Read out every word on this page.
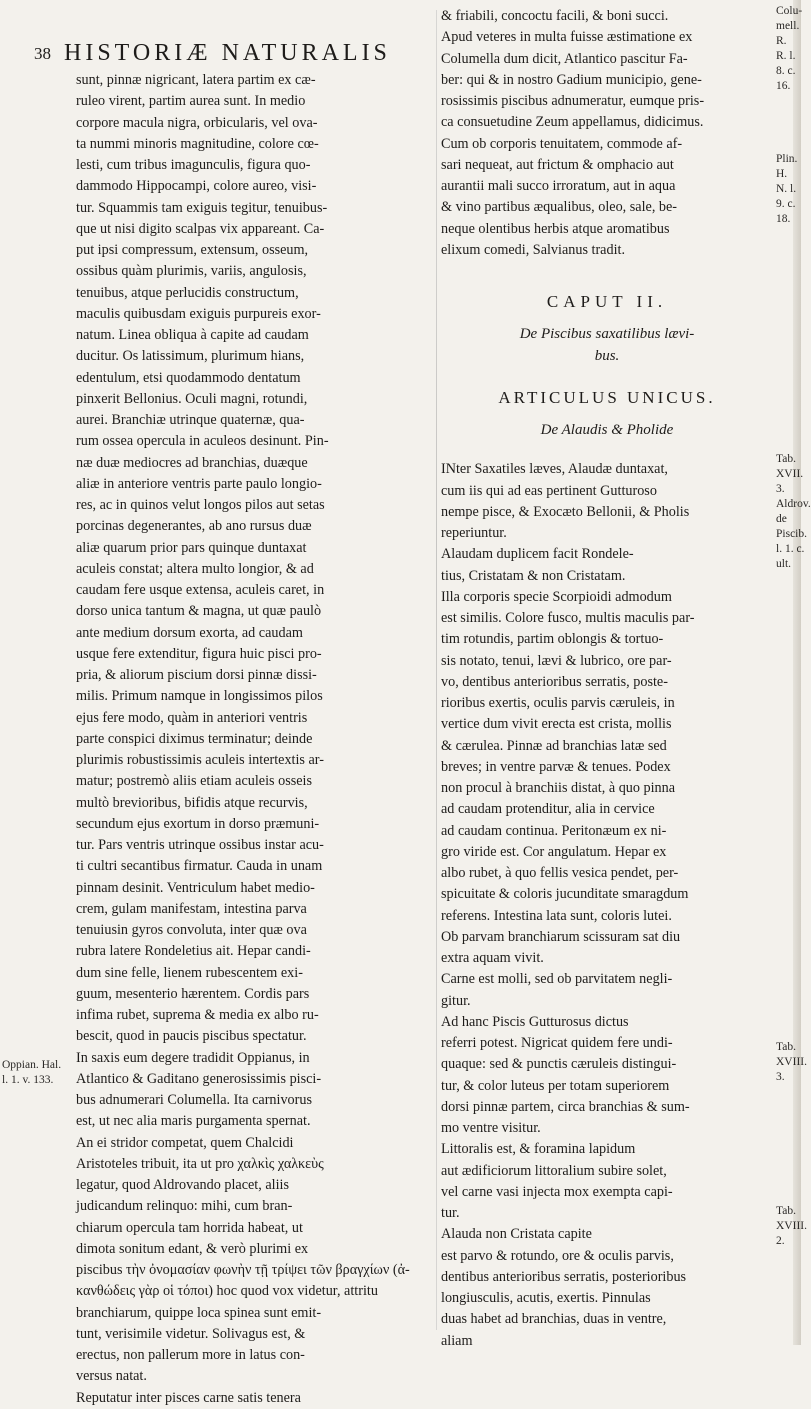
38 HISTORIÆ NATURALIS

sunt, pinnæ nigricant, latera partim ex cæ-

ruleo virent, partim aurea sunt. In medio

corpore macula nigra, orbicularis, vel ova-

ta nummi minoris magnitudine, colore cœ-

lesti, cum tribus imagunculis, figura quo-

dammodo Hippocampi, colore aureo, visi-

tur. Squammis tam exiguis tegitur, tenuibus-

que ut nisi digito scalpas vix appareant. Ca-

put ipsi compressum, extensum, osseum,

ossibus quàm plurimis, variis, angulosis,

tenuibus, atque perlucidis constructum,

maculis quibusdam exiguis purpureis exor-

natum. Linea obliqua à capite ad caudam

ducitur. Os latissimum, plurimum hians,

edentulum, etsi quodammodo dentatum

pinxerit Bellonius. Oculi magni, rotundi,

aurei. Branchiæ utrinque quaternæ, qua-

rum ossea opercula in aculeos desinunt. Pin-

næ duæ mediocres ad branchias, duæque

aliæ in anteriore ventris parte paulo longio-

res, ac in quinos velut longos pilos aut setas

porcinas degenerantes, ab ano rursus duæ

aliæ quarum prior pars quinque duntaxat

aculeis constat; altera multo longior, & ad

caudam fere usque extensa, aculeis caret, in

dorso unica tantum & magna, ut quæ paulò

ante medium dorsum exorta, ad caudam

usque fere extenditur, figura huic pisci pro-

pria, & aliorum piscium dorsi pinnæ dissi-

milis. Primum namque in longissimos pilos

ejus fere modo, quàm in anteriori ventris

parte conspici diximus terminatur; deinde

plurimis robustissimis aculeis intertextis ar-

matur; postremò aliis etiam aculeis osseis

multò brevioribus, bifidis atque recurvis,

secundum ejus exortum in dorso præmuni-

tur. Pars ventris utrinque ossibus instar acu-

ti cultri secantibus firmatur. Cauda in unam

pinnam desinit. Ventriculum habet medio-

crem, gulam manifestam, intestina parva

tenuiusin gyros convoluta, inter quæ ova

rubra latere Rondeletius ait. Hepar candi-

dum sine felle, lienem rubescentem exi-

guum, mesenterio hærentem. Cordis pars

infima rubet, suprema & media ex albo ru-

bescit, quod in paucis piscibus spectatur.

In saxis eum degere tradidit Oppianus, in

Atlantico & Gaditano generosissimis pisci-

bus adnumerari Columella. Ita carnivorus

est, ut nec alia maris purgamenta spernat.

An ei stridor competat, quem Chalcidi

Aristoteles tribuit, ita ut pro χαλκὶς χαλκεὺς

legatur, quod Aldrovando placet, aliis

judicandum relinquo: mihi, cum bran-

chiarum opercula tam horrida habeat, ut

dimota sonitum edant, & verò plurimi ex

piscibus τὴν ὀνομασίαν φωνὴν τῇ τρίψει τῶν βραγχίων (ἀ-

κανθώδεις γὰρ οἱ τόποι) hoc quod vox videtur, attritu

branchiarum, quippe loca spinea sunt emit-

tunt, verisimile videtur. Solivagus est, &

erectus, non pallerum more in latus con-

versus natat.

Reputatur inter pisces carne satis tenera

Oppian. Hal. l. 1. v. 133.

& friabili, concoctu facili, & boni succi.

Apud veteres in multa fuisse æstimatione ex

Columella dum dicit, Atlantico pascitur Fa-

ber: qui & in nostro Gadium municipio, gene-

rosissimis piscibus adnumeratur, eumque pris-

ca consuetudine Zeum appellamus, didicimus.

Cum ob corporis tenuitatem, commode af-

sari nequeat, aut frictum & omphacio aut

aurantii mali succo irroratum, aut in aqua

& vino partibus æqualibus, oleo, sale, be-

neque olentibus herbis atque aromatibus

elixum comedi, Salvianus tradit.

CAPUT II.

De Piscibus saxatilibus lævi-

bus.

ARTICULUS UNICUS.

De Alaudis & Pholide

INter Saxatiles læves, Alaudæ duntaxat,

cum iis qui ad eas pertinent Gutturoso

nempe pisce, & Exocæto Bellonii, & Pholis

reperiuntur.

Alaudam duplicem facit Rondele-

tius, Cristatam & non Cristatam.

Illa corporis specie Scorpioidi admodum

est similis. Colore fusco, multis maculis par-

tim rotundis, partim oblongis & tortuo-

sis notato, tenui, lævi & lubrico, ore par-

vo, dentibus anterioribus serratis, poste-

rioribus exertis, oculis parvis cæruleis, in

vertice dum vivit erecta est crista, mollis

& cærulea. Pinnæ ad branchias latæ sed

breves; in ventre parvæ & tenues. Podex

non procul à branchiis distat, à quo pinna

ad caudam protenditur, alia in cervice

ad caudam continua. Peritonæum ex ni-

gro viride est. Cor angulatum. Hepar ex

albo rubet, à quo fellis vesica pendet, per-

spicuitate & coloris jucunditate smaragdum

referens. Intestina lata sunt, coloris lutei.

Ob parvam branchiarum scissuram sat diu

extra aquam vivit.

Carne est molli, sed ob parvitatem negli-

gitur.

Ad hanc Piscis Gutturosus dictus

referri potest. Nigricat quidem fere undi-

quaque: sed & punctis cæruleis distingui-

tur, & color luteus per totam superiorem

dorsi pinnæ partem, circa branchias & sum-

mo ventre visitur.

Littoralis est, & foramina lapidum

aut ædificiorum littoralium subire solet,

vel carne vasi injecta mox exempta capi-

tur.

Alauda non Cristata capite

est parvo & rotundo, ore & oculis parvis,

dentibus anterioribus serratis, posterioribus

longiusculis, acutis, exertis. Pinnulas

duas habet ad branchias, duas in ventre,

aliam

Colu-
mell. R.
R. l. 8. c.
16.
Plin. H.
N. l. 9. c.
18.
Tab.
XVII. 3.
Aldrov.
de Piscib.
l. 1. c. ult.
Tab.
XVIII.
3.
Tab.
XVIII.
2.
